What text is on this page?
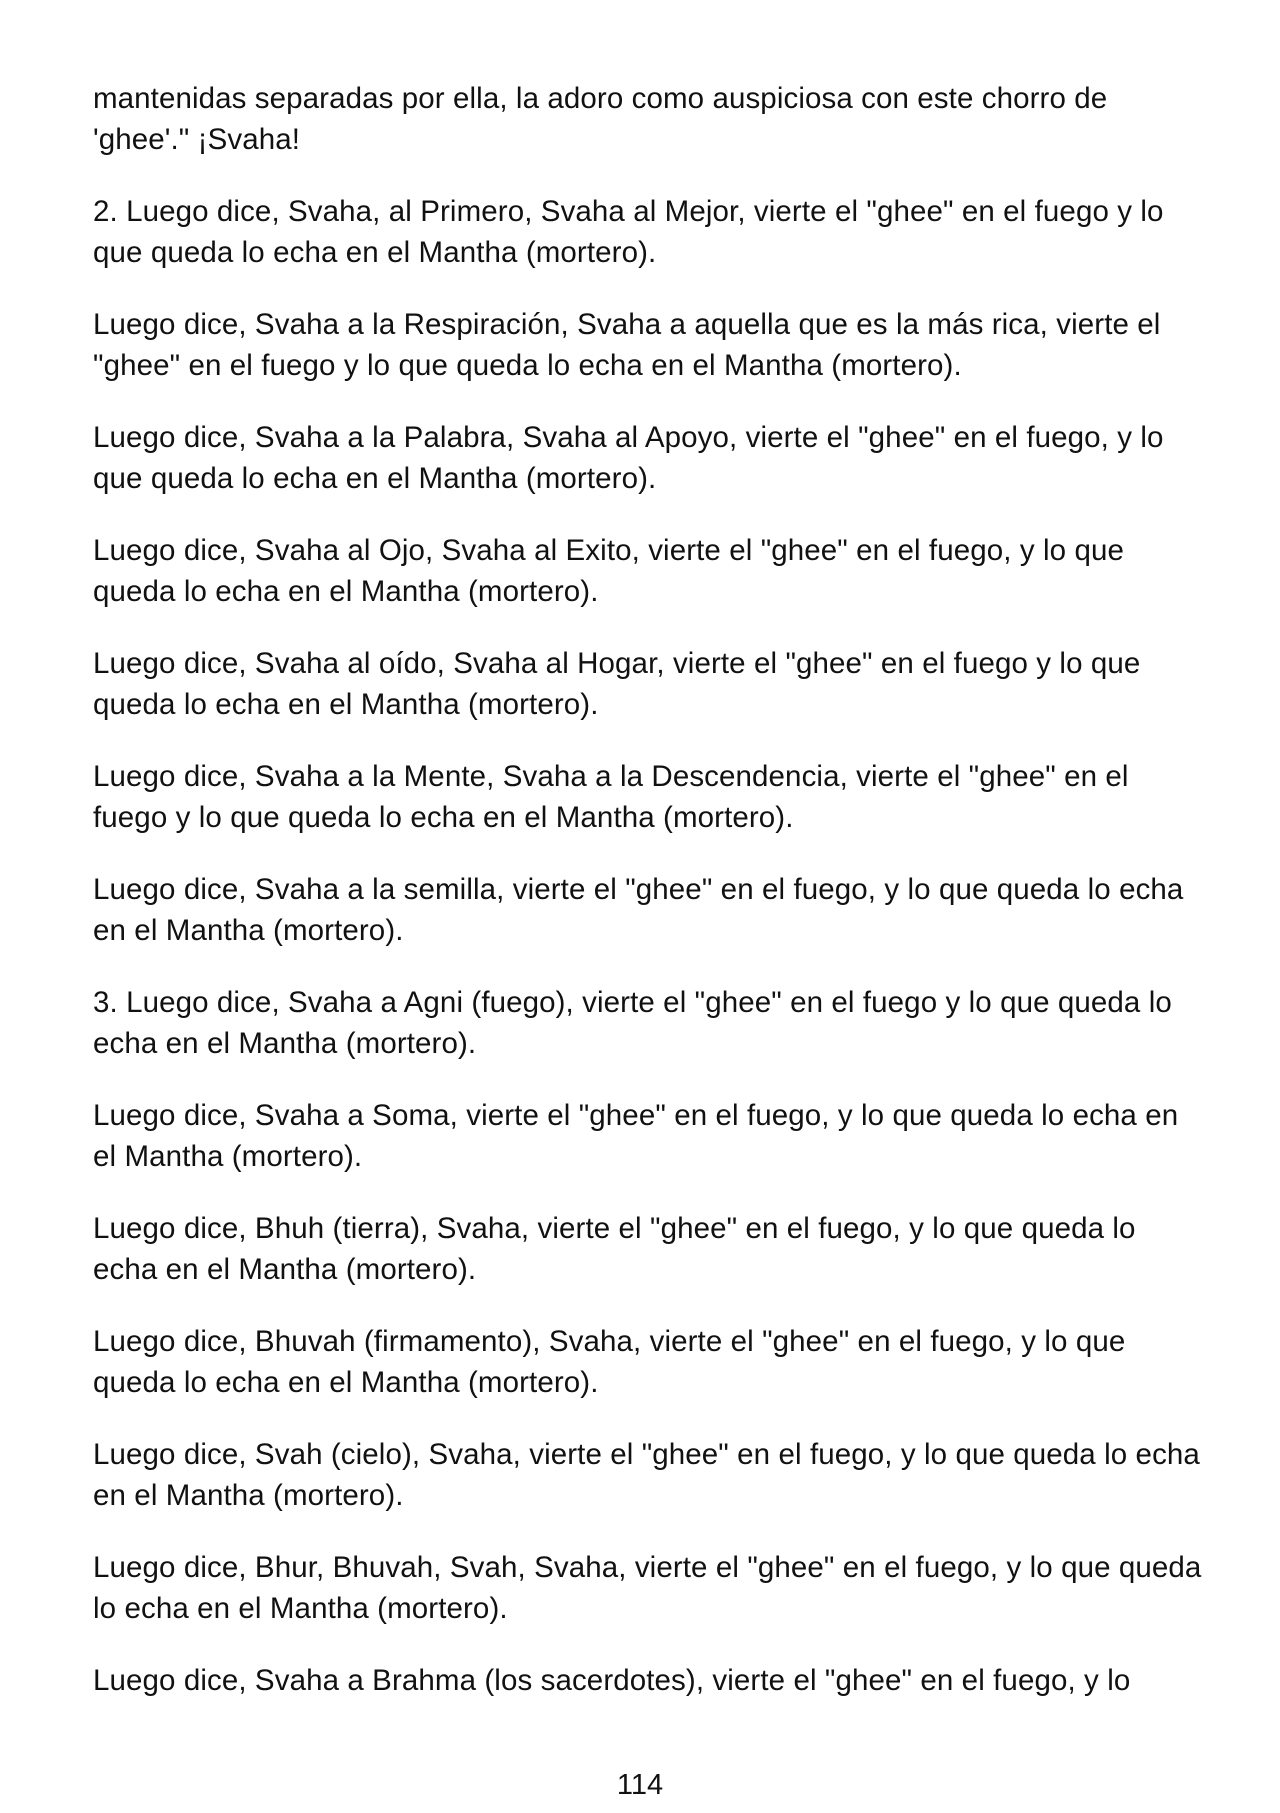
mantenidas separadas por ella, la adoro como auspiciosa con este chorro de 'ghee'." ¡Svaha!

2. Luego dice, Svaha, al Primero, Svaha al Mejor, vierte el "ghee" en el fuego y lo que queda lo echa en el Mantha (mortero).

Luego dice, Svaha a la Respiración, Svaha a aquella que es la más rica, vierte el "ghee" en el fuego y lo que queda lo echa en el Mantha (mortero).

Luego dice, Svaha a la Palabra, Svaha al Apoyo, vierte el "ghee" en el fuego, y lo que queda lo echa en el Mantha (mortero).

Luego dice, Svaha al Ojo, Svaha al Exito, vierte el "ghee" en el fuego, y lo que queda lo echa en el Mantha (mortero).

Luego dice, Svaha al oído, Svaha al Hogar, vierte el "ghee" en el fuego y lo que queda lo echa en el Mantha (mortero).

Luego dice, Svaha a la Mente, Svaha a la Descendencia, vierte el "ghee" en el fuego y lo que queda lo echa en el Mantha (mortero).

Luego dice, Svaha a la semilla, vierte el "ghee" en el fuego, y lo que queda lo echa en el Mantha (mortero).

3. Luego dice, Svaha a Agni (fuego), vierte el "ghee" en el fuego y lo que queda lo echa en el Mantha (mortero).

Luego dice, Svaha a Soma, vierte el "ghee" en el fuego, y lo que queda lo echa en el Mantha (mortero).

Luego dice, Bhuh (tierra), Svaha, vierte el "ghee" en el fuego, y lo que queda lo echa en el Mantha (mortero).

Luego dice, Bhuvah (firmamento), Svaha, vierte el "ghee" en el fuego, y lo que queda lo echa en el Mantha (mortero).

Luego dice, Svah (cielo), Svaha, vierte el "ghee" en el fuego, y lo que queda lo echa en el Mantha (mortero).

Luego dice, Bhur, Bhuvah, Svah, Svaha, vierte el "ghee" en el fuego, y lo que queda lo echa en el Mantha (mortero).

Luego dice, Svaha a Brahma (los sacerdotes), vierte el "ghee" en el fuego, y lo

114
